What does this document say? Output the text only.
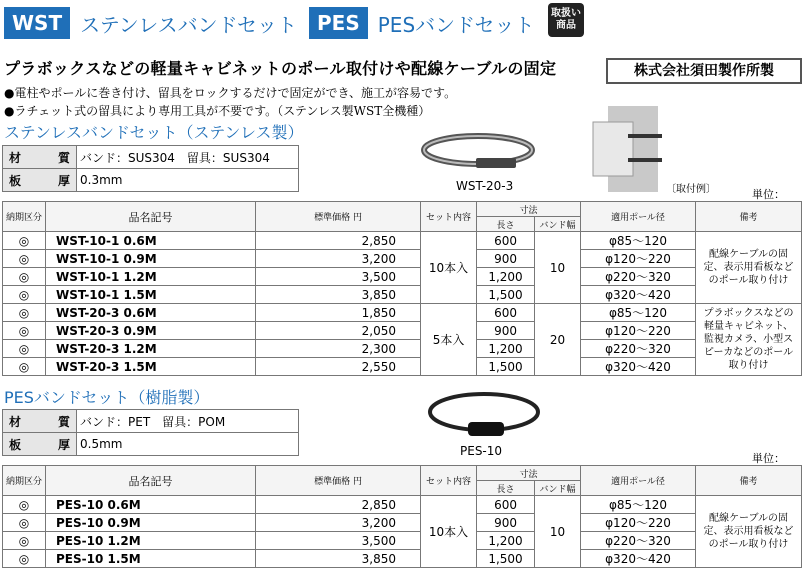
WST ステンレスバンドセット	PES PESバンドセット	取扱い
商品
プラボックスなどの軽量キャビネットのポール取付けや配線ケーブルの固定	株式会社須田製作所製
●電柱やポールに巻き付け、留具をロックするだけで固定ができ、施工が容易です。
●ラチェット式の留具により専用工具が不要です。（ステンレス製WST全機種）
ステンレスバンドセット（ステンレス製）
材質	バンド：SUS304　留具：SUS304
板厚	0.3mm	WST-20-3	〔取付例〕	単位：
納期区分	品名記号	標準価格 円	セット内容	寸法		適用ポール径	備考
				長さ	バンド幅		
◎	WST-10-1 0.6M	2,850	10本入	600	10	φ85～120	配線ケーブルの固定、表示用看板などのポール取り付け
◎	WST-10-1 0.9M	3,200		900		φ120～220	
◎	WST-10-1 1.2M	3,500		1,200		φ220～320	
◎	WST-10-1 1.5M	3,850		1,500		φ320～420	
◎	WST-20-3 0.6M	1,850	5本入	600	20	φ85～120	プラボックスなどの軽量キャビネット、監視カメラ、小型スピーカなどのポール取り付け
◎	WST-20-3 0.9M	2,050		900		φ120～220	
◎	WST-20-3 1.2M	2,300		1,200		φ220～320	
◎	WST-20-3 1.5M	2,550		1,500		φ320～420	
PESバンドセット（樹脂製）
材質	バンド：PET　留具：POM
板厚	0.5mm	PES-10
単位：
納期区分	品名記号	標準価格 円	セット内容	寸法		適用ポール径	備考
				長さ	バンド幅		
◎	PES-10 0.6M	2,850	10本入	600	10	φ85～120	配線ケーブルの固定、表示用看板などのポール取り付け
◎	PES-10 0.9M	3,200		900		φ120～220	
◎	PES-10 1.2M	3,500		1,200		φ220～320	
◎	PES-10 1.5M	3,850		1,500		φ320～420	
